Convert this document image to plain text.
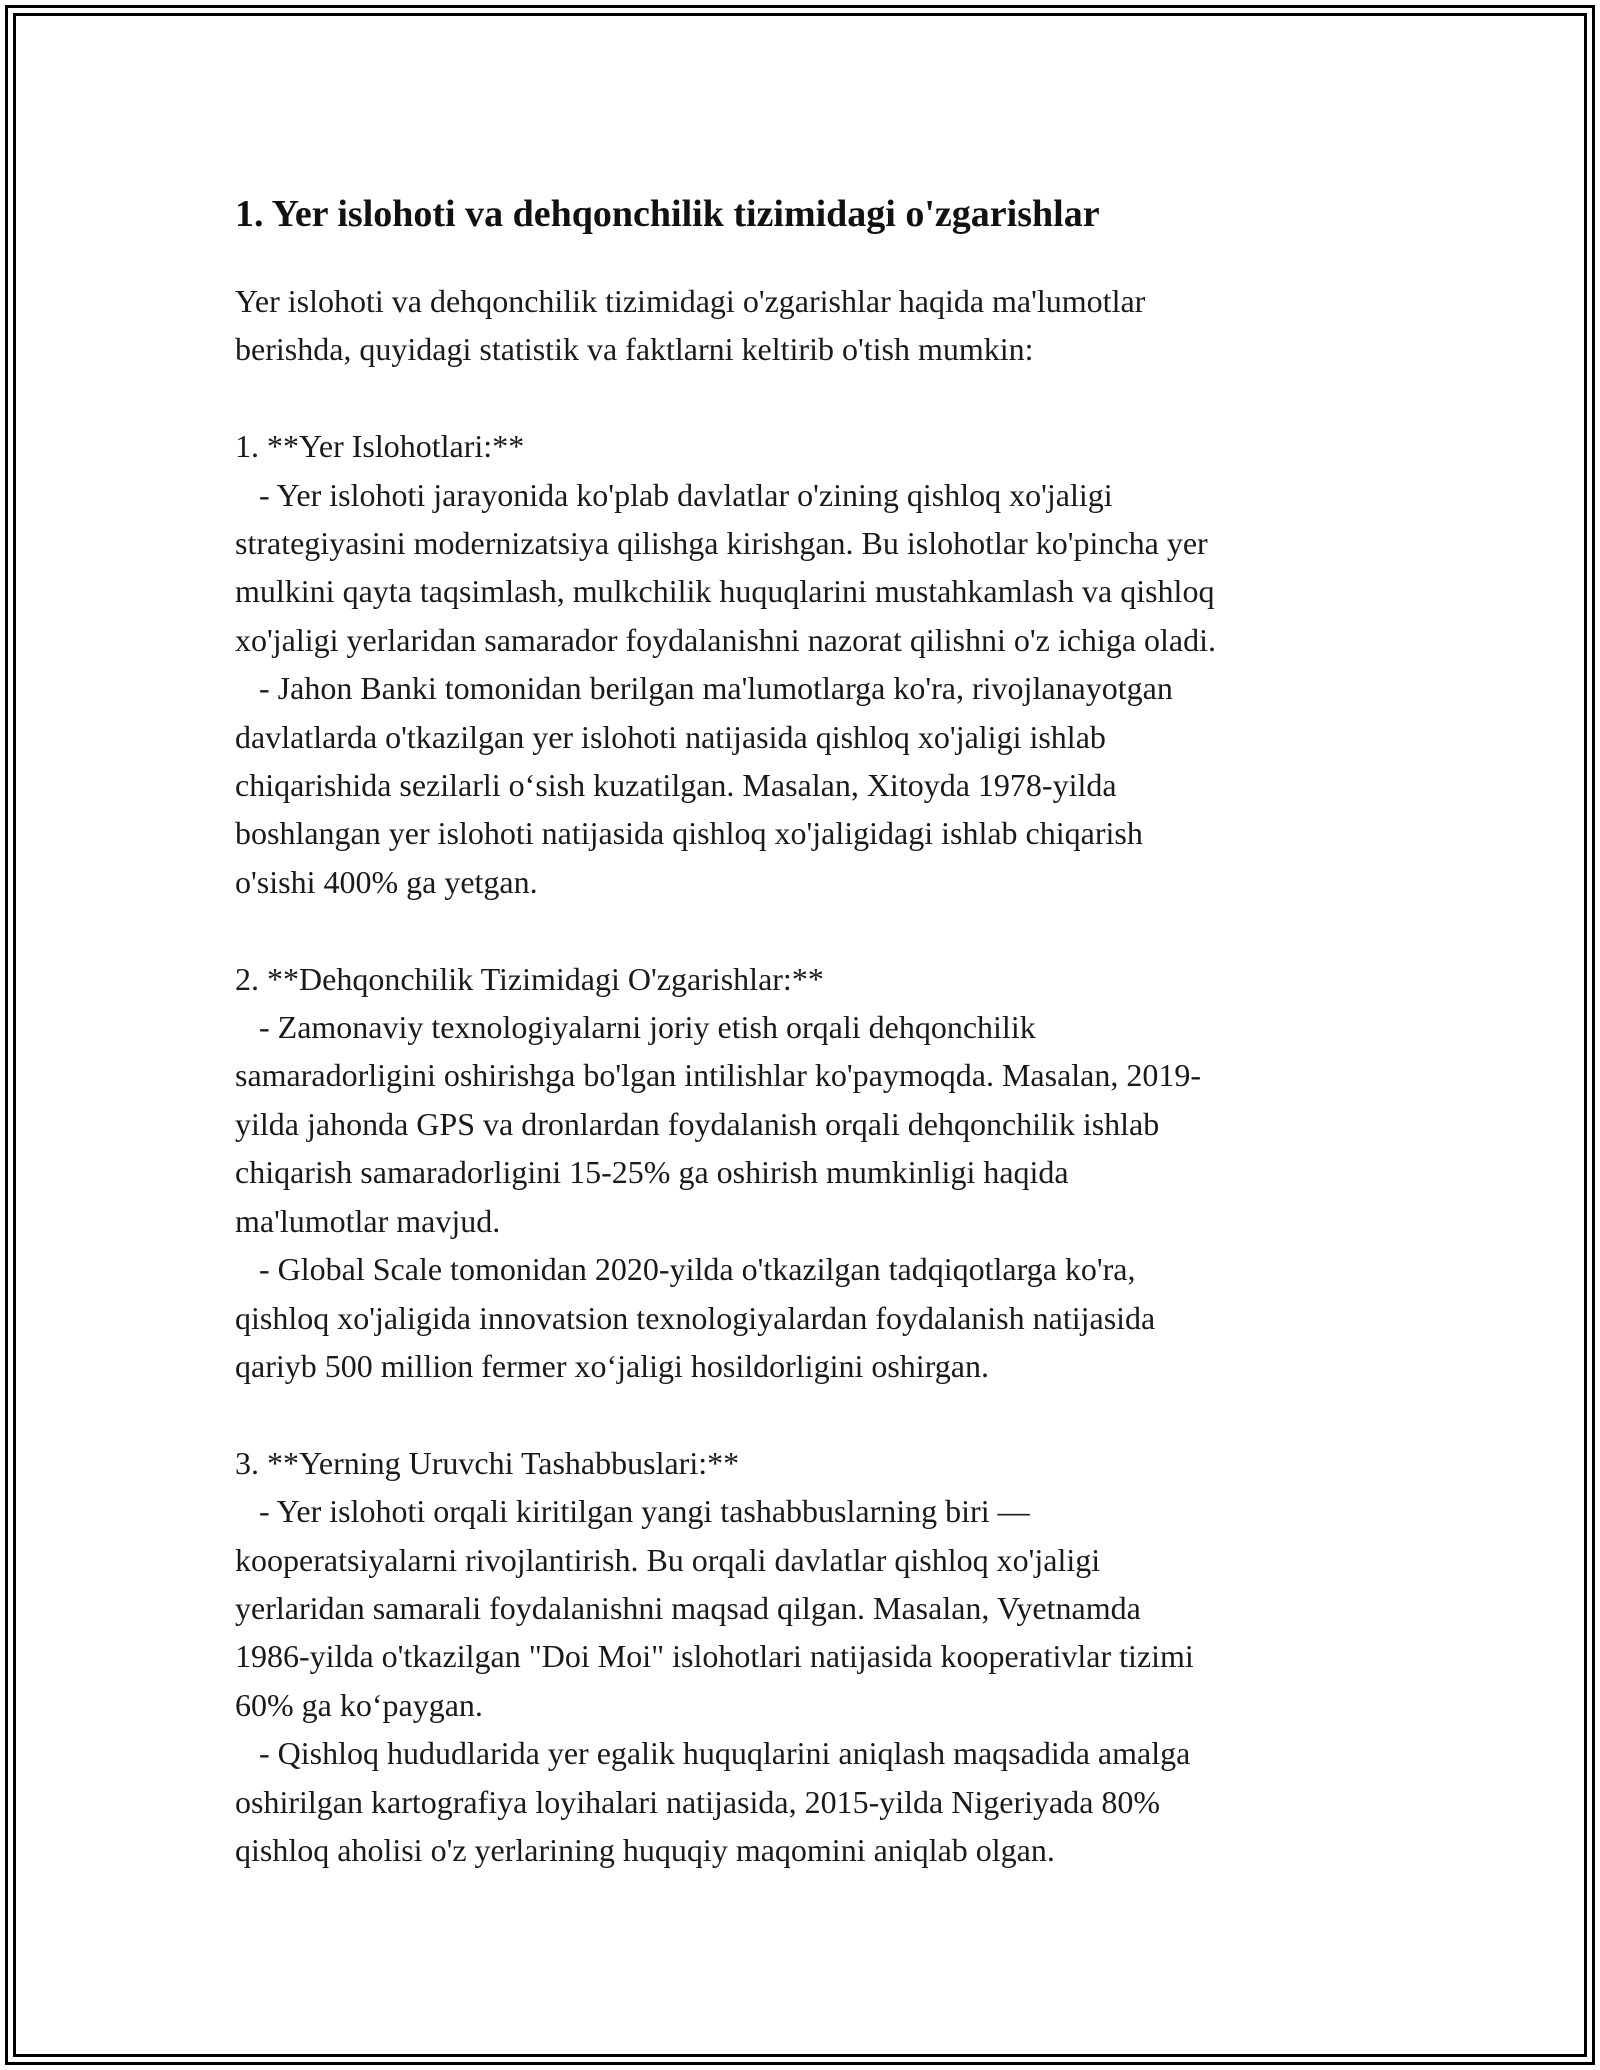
1. Yer islohoti va dehqonchilik tizimidagi o'zgarishlar

Yer islohoti va dehqonchilik tizimidagi o'zgarishlar haqida ma'lumotlar
berishda, quyidagi statistik va faktlarni keltirib o'tish mumkin:

1. **Yer Islohotlari:**

- Yer islohoti jarayonida ko'plab davlatlar o'zining qishloq xo'jaligi
strategiyasini modernizatsiya qilishga kirishgan. Bu islohotlar ko'pincha yer
mulkini qayta taqsimlash, mulkchilik huquqlarini mustahkamlash va qishloq
xo'jaligi yerlaridan samarador foydalanishni nazorat qilishni o'z ichiga oladi.

- Jahon Banki tomonidan berilgan ma'lumotlarga ko'ra, rivojlanayotgan
davlatlarda o'tkazilgan yer islohoti natijasida qishloq xo'jaligi ishlab
chiqarishida sezilarli o‘sish kuzatilgan. Masalan, Xitoyda 1978-yilda
boshlangan yer islohoti natijasida qishloq xo'jaligidagi ishlab chiqarish
o'sishi 400% ga yetgan.

2. **Dehqonchilik Tizimidagi O'zgarishlar:**

- Zamonaviy texnologiyalarni joriy etish orqali dehqonchilik
samaradorligini oshirishga bo'lgan intilishlar ko'paymoqda. Masalan, 2019-
yilda jahonda GPS va dronlardan foydalanish orqali dehqonchilik ishlab
chiqarish samaradorligini 15-25% ga oshirish mumkinligi haqida
ma'lumotlar mavjud.

- Global Scale tomonidan 2020-yilda o'tkazilgan tadqiqotlarga ko'ra,
qishloq xo'jaligida innovatsion texnologiyalardan foydalanish natijasida
qariyb 500 million fermer xo‘jaligi hosildorligini oshirgan.

3. **Yerning Uruvchi Tashabbuslari:**

- Yer islohoti orqali kiritilgan yangi tashabbuslarning biri —
kooperatsiyalarni rivojlantirish. Bu orqali davlatlar qishloq xo'jaligi
yerlaridan samarali foydalanishni maqsad qilgan. Masalan, Vyetnamda
1986-yilda o'tkazilgan "Doi Moi" islohotlari natijasida kooperativlar tizimi
60% ga ko‘paygan.

- Qishloq hududlarida yer egalik huquqlarini aniqlash maqsadida amalga
oshirilgan kartografiya loyihalari natijasida, 2015-yilda Nigeriyada 80%
qishloq aholisi o'z yerlarining huquqiy maqomini aniqlab olgan.
